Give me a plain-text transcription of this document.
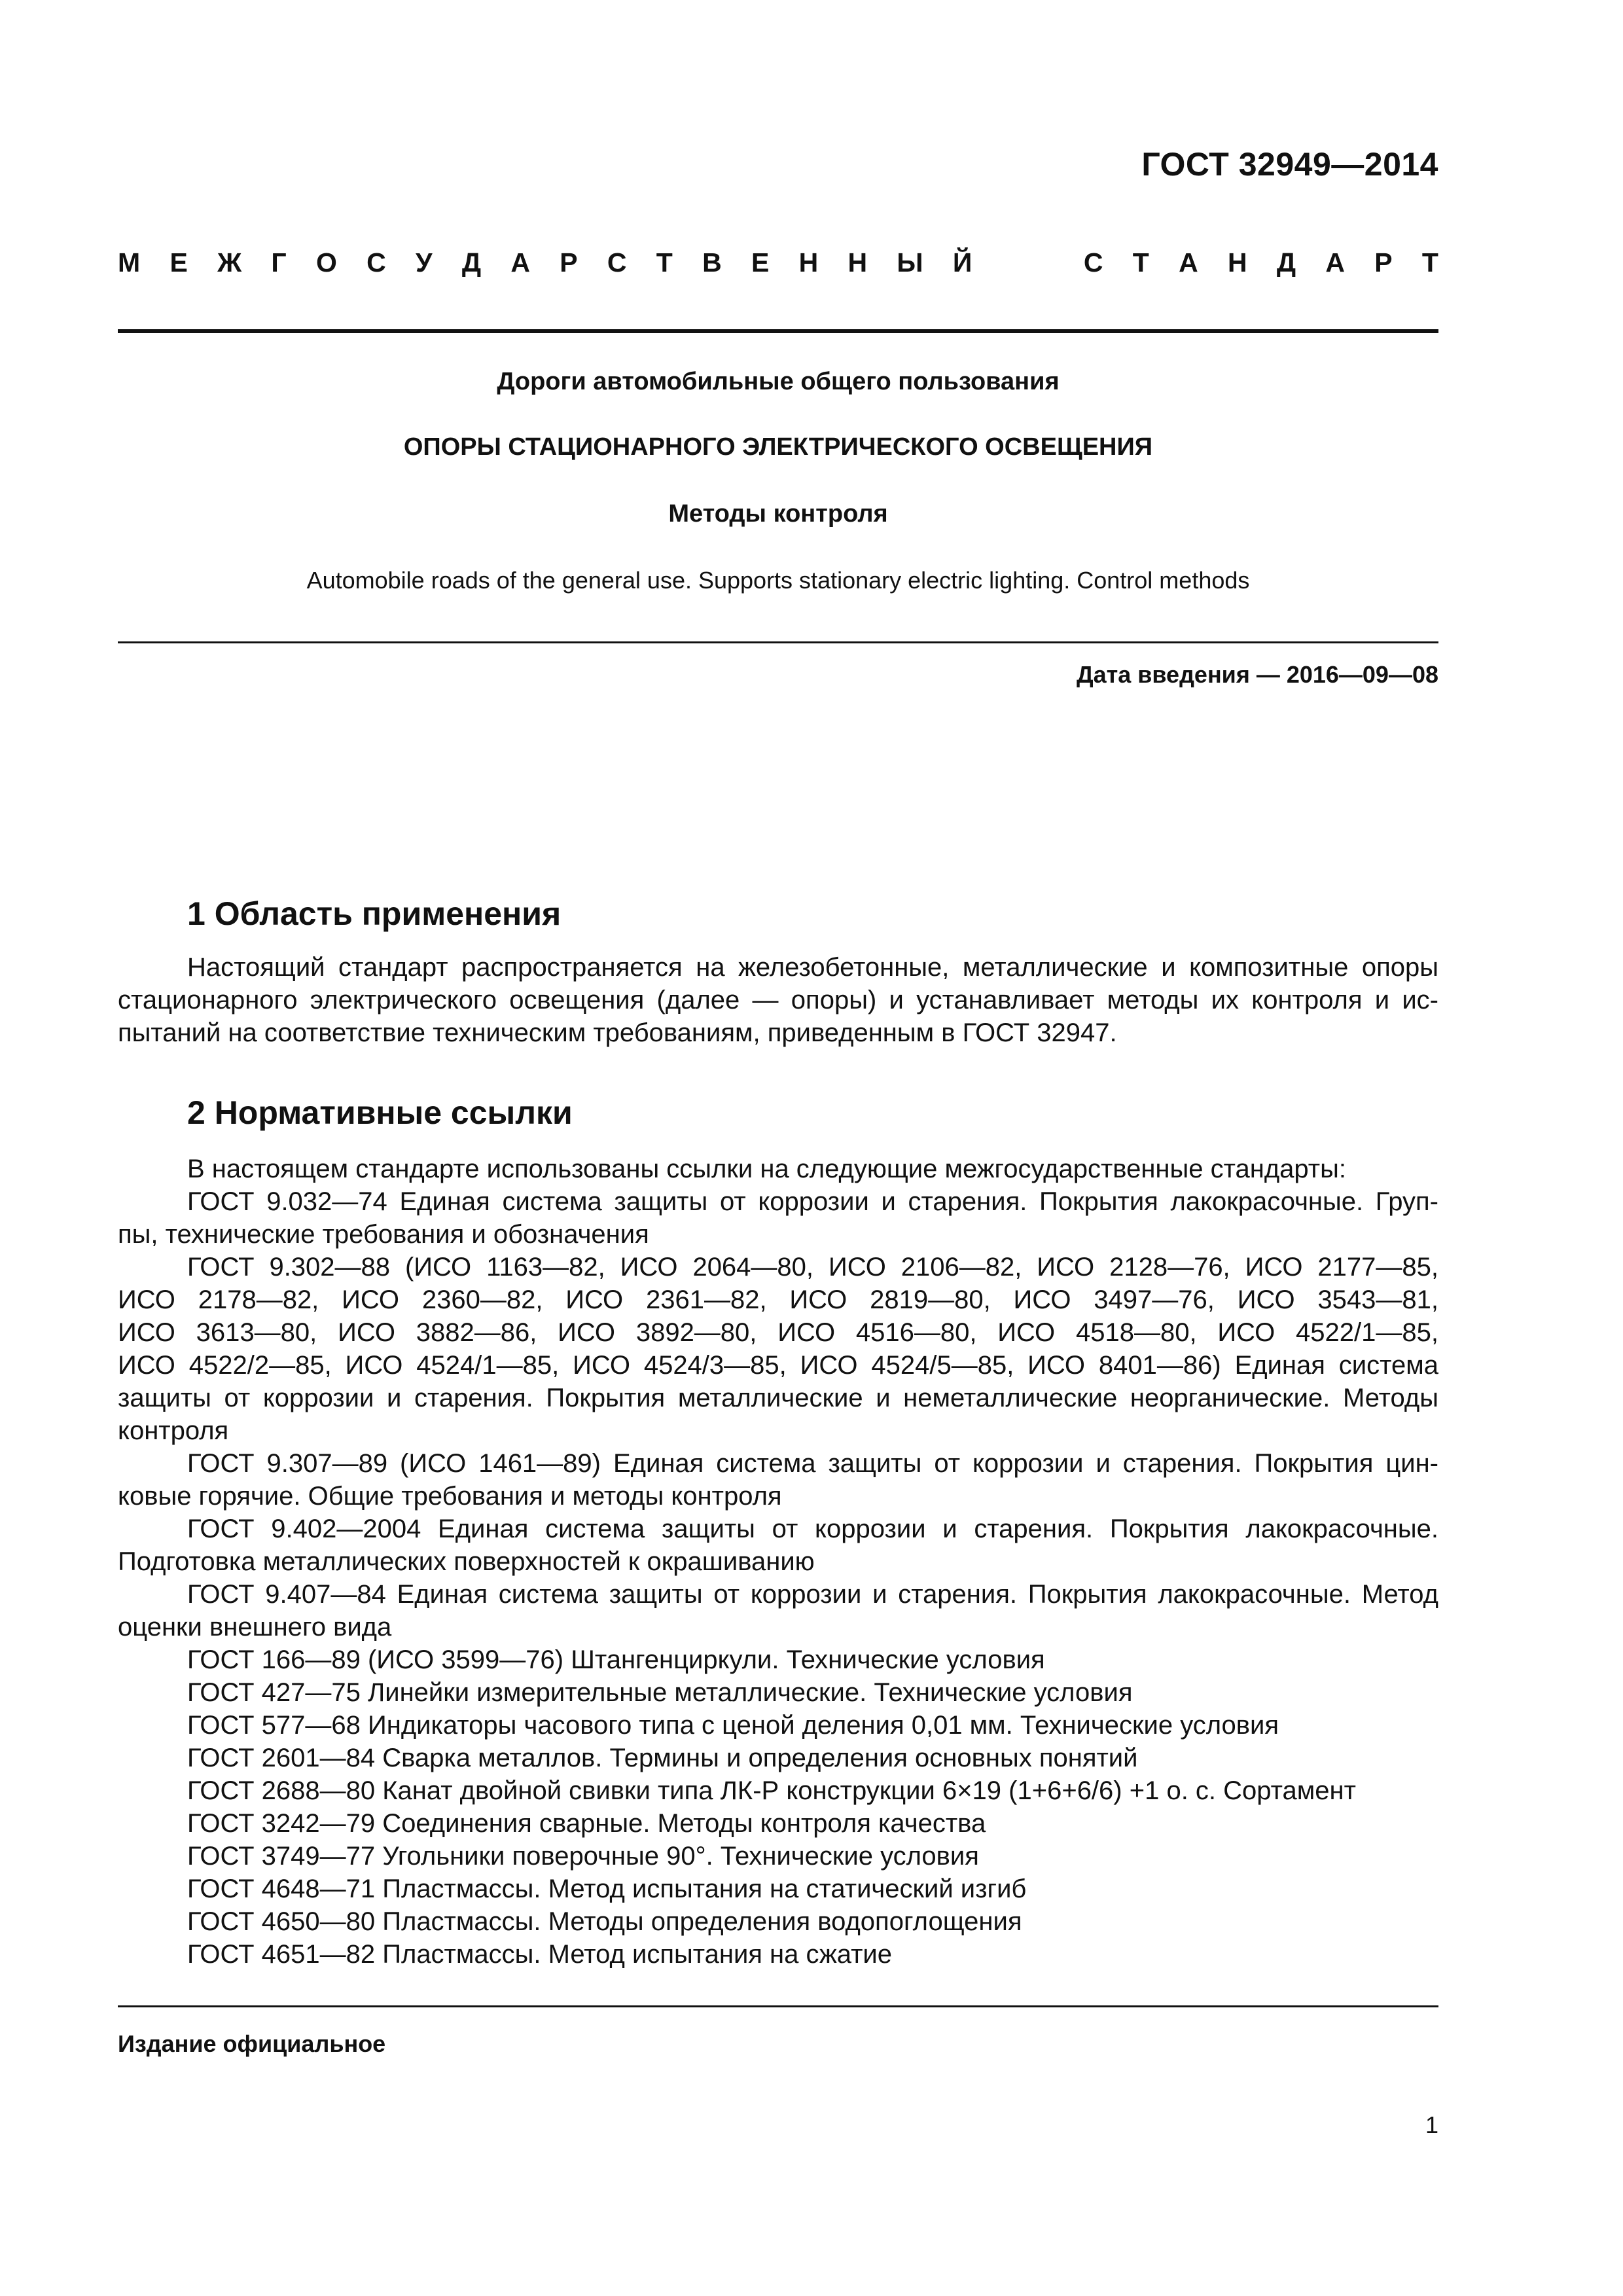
ГОСТ 32949—2014
М Е Ж Г О С У Д А Р С Т В Е Н Н Ы Й	С Т А Н Д А Р Т
Дороги автомобильные общего пользования
ОПОРЫ СТАЦИОНАРНОГО ЭЛЕКТРИЧЕСКОГО ОСВЕЩЕНИЯ
Методы контроля
Automobile roads of the general use. Supports stationary electric lighting. Control methods
Дата введения — 2016—09—08
1 Область применения
Настоящий стандарт распространяется на железобетонные, металлические и композитные опоры
стационарного электрического освещения (далее — опоры) и устанавливает методы их контроля и ис-
пытаний на соответствие техническим требованиям, приведенным в ГОСТ 32947.
2 Нормативные ссылки
В настоящем стандарте использованы ссылки на следующие межгосударственные стандарты:
ГОСТ 9.032—74 Единая система защиты от коррозии и старения. Покрытия лакокрасочные. Груп-
пы, технические требования и обозначения
ГОСТ 9.302—88 (ИСО 1163—82, ИСО 2064—80, ИСО 2106—82, ИСО 2128—76, ИСО 2177—85,
ИСО 2178—82, ИСО 2360—82, ИСО 2361—82, ИСО 2819—80, ИСО 3497—76, ИСО 3543—81,
ИСО 3613—80, ИСО 3882—86, ИСО 3892—80, ИСО 4516—80, ИСО 4518—80, ИСО 4522/1—85,
ИСО 4522/2—85, ИСО 4524/1—85, ИСО 4524/3—85, ИСО 4524/5—85, ИСО 8401—86) Единая система
защиты от коррозии и старения. Покрытия металлические и неметаллические неорганические. Методы
контроля
ГОСТ 9.307—89 (ИСО 1461—89) Единая система защиты от коррозии и старения. Покрытия цин-
ковые горячие. Общие требования и методы контроля
ГОСТ 9.402—2004 Единая система защиты от коррозии и старения. Покрытия лакокрасочные.
Подготовка металлических поверхностей к окрашиванию
ГОСТ 9.407—84 Единая система защиты от коррозии и старения. Покрытия лакокрасочные. Метод
оценки внешнего вида
ГОСТ 166—89 (ИСО 3599—76) Штангенциркули. Технические условия
ГОСТ 427—75 Линейки измерительные металлические. Технические условия
ГОСТ 577—68 Индикаторы часового типа с ценой деления 0,01 мм. Технические условия
ГОСТ 2601—84 Сварка металлов. Термины и определения основных понятий
ГОСТ 2688—80 Канат двойной свивки типа ЛК-Р конструкции 6×19 (1+6+6/6) +1 о. с. Сортамент
ГОСТ 3242—79 Соединения сварные. Методы контроля качества
ГОСТ 3749—77 Угольники поверочные 90°. Технические условия
ГОСТ 4648—71 Пластмассы. Метод испытания на статический изгиб
ГОСТ 4650—80 Пластмассы. Методы определения водопоглощения
ГОСТ 4651—82 Пластмассы. Метод испытания на сжатие
Издание официальное
1
